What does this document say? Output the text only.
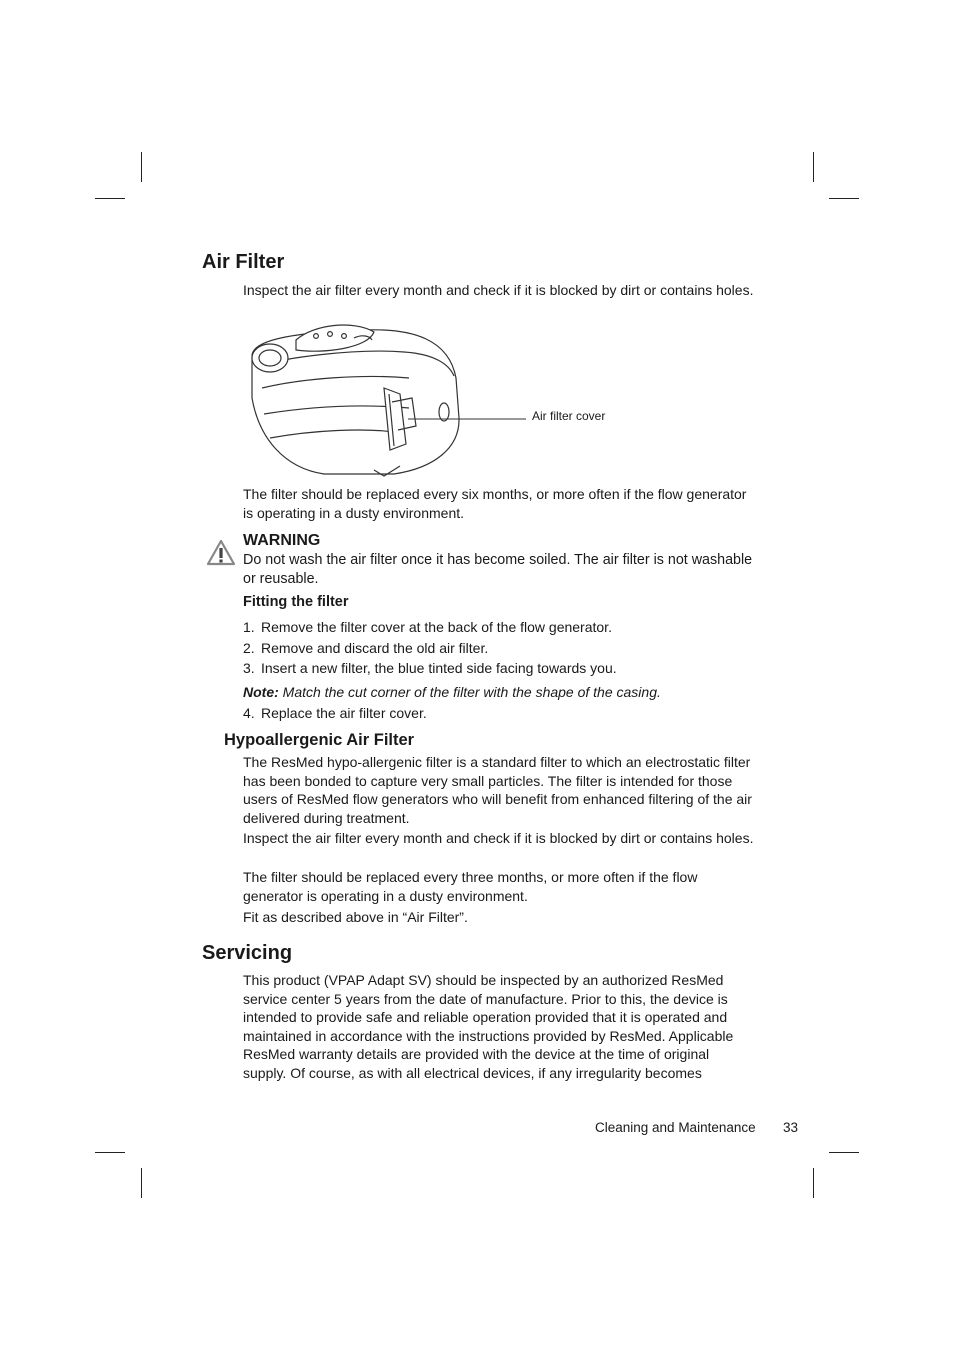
Air Filter

Inspect the air filter every month and check if it is blocked by dirt or contains holes.

Air filter cover

The filter should be replaced every six months, or more often if the flow generator is operating in a dusty environment.

WARNING
Do not wash the air filter once it has become soiled. The air filter is not washable or reusable.
Fitting the filter
1. Remove the filter cover at the back of the flow generator.
2. Remove and discard the old air filter.
3. Insert a new filter, the blue tinted side facing towards you.
Note: Match the cut corner of the filter with the shape of the casing.
4. Replace the air filter cover.
Hypoallergenic Air Filter

The ResMed hypo-allergenic filter is a standard filter to which an electrostatic filter has been bonded to capture very small particles. The filter is intended for those users of ResMed flow generators who will benefit from enhanced filtering of the air delivered during treatment.

Inspect the air filter every month and check if it is blocked by dirt or contains holes.

The filter should be replaced every three months, or more often if the flow generator is operating in a dusty environment.

Fit as described above in “Air Filter”.

Servicing

This product (VPAP Adapt SV) should be inspected by an authorized ResMed service center 5 years from the date of manufacture. Prior to this, the device is intended to provide safe and reliable operation provided that it is operated and maintained in accordance with the instructions provided by ResMed. Applicable ResMed warranty details are provided with the device at the time of original supply. Of course, as with all electrical devices, if any irregularity becomes

Cleaning and Maintenance 33
